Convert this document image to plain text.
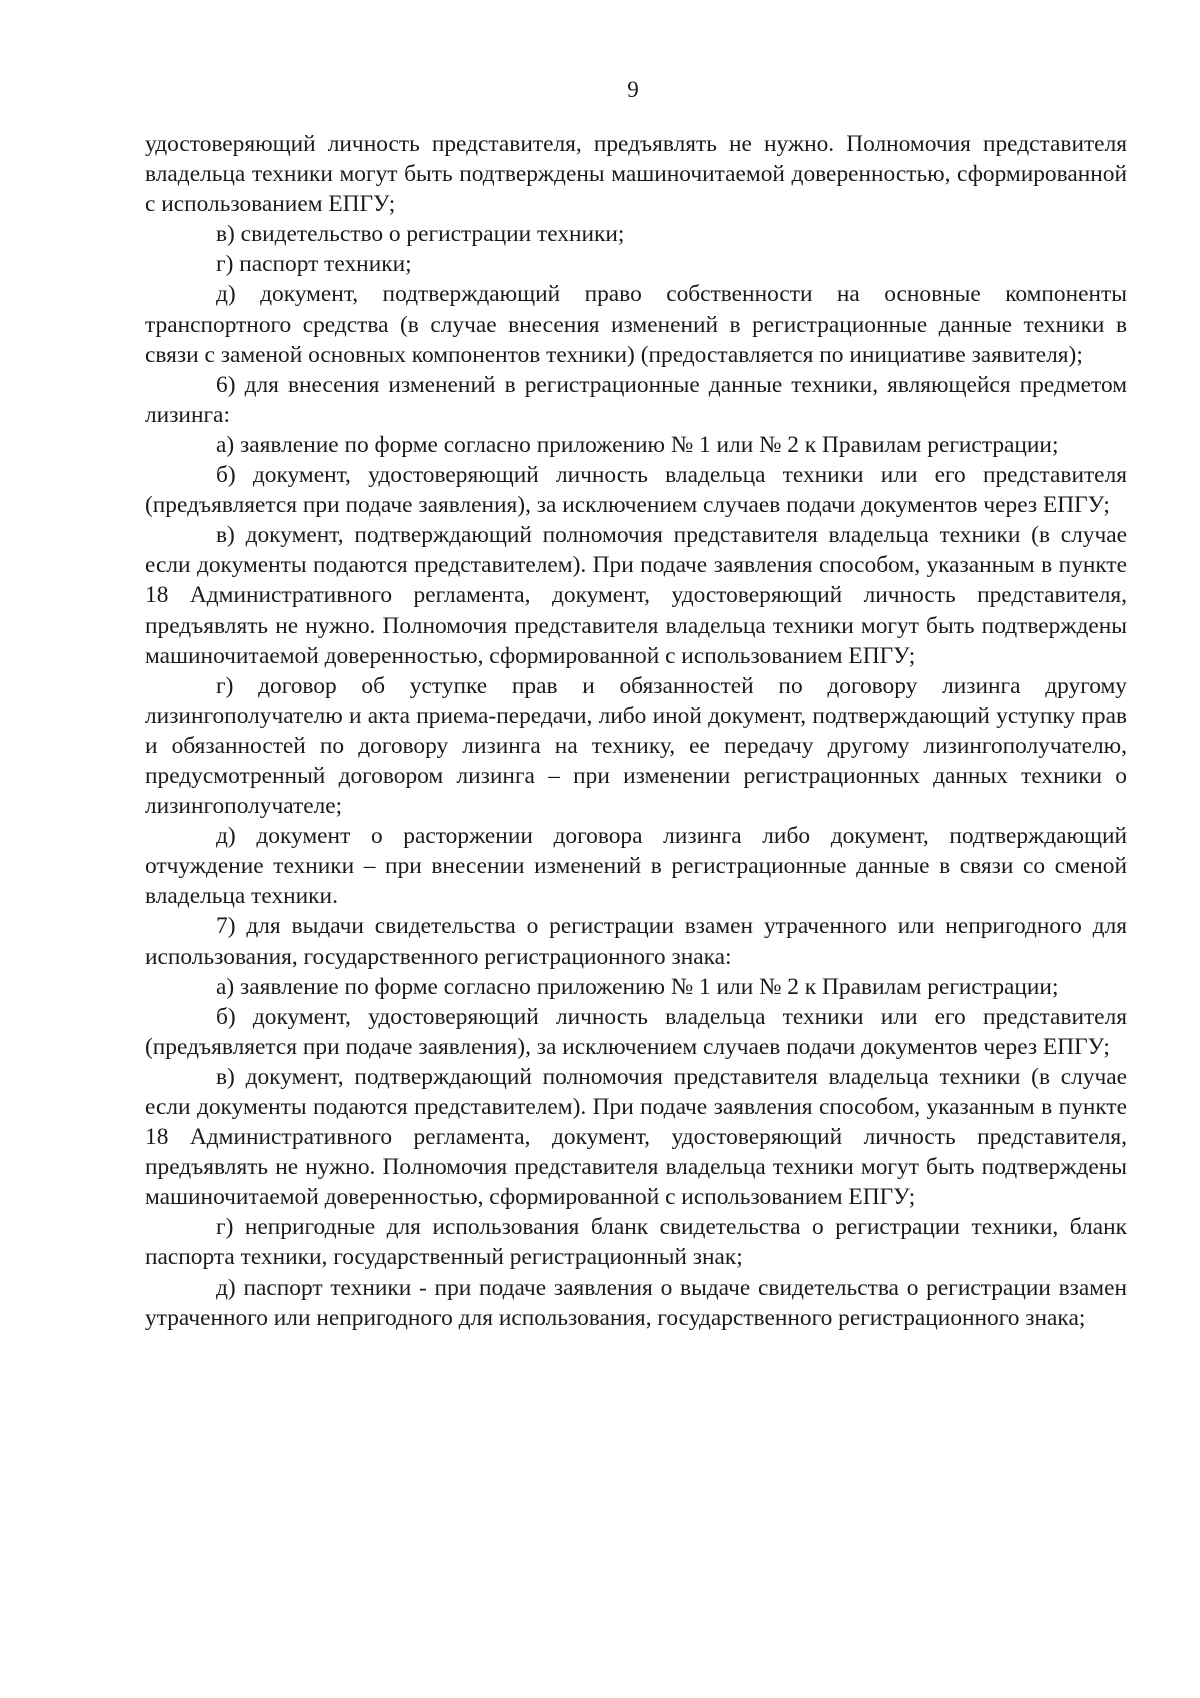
9

удостоверяющий личность представителя, предъявлять не нужно. Полномочия представителя владельца техники могут быть подтверждены машиночитаемой доверенностью, сформированной с использованием ЕПГУ;

в) свидетельство о регистрации техники;

г) паспорт техники;

д) документ, подтверждающий право собственности на основные компоненты транспортного средства (в случае внесения изменений в регистрационные данные техники в связи с заменой основных компонентов техники) (предоставляется по инициативе заявителя);

6) для внесения изменений в регистрационные данные техники, являющейся предметом лизинга:

а) заявление по форме согласно приложению № 1 или № 2 к Правилам регистрации;

б) документ, удостоверяющий личность владельца техники или его представителя (предъявляется при подаче заявления), за исключением случаев подачи документов через ЕПГУ;

в) документ, подтверждающий полномочия представителя владельца техники (в случае если документы подаются представителем). При подаче заявления способом, указанным в пункте 18 Административного регламента, документ, удостоверяющий личность представителя, предъявлять не нужно. Полномочия представителя владельца техники могут быть подтверждены машиночитаемой доверенностью, сформированной с использованием ЕПГУ;

г) договор об уступке прав и обязанностей по договору лизинга другому лизингополучателю и акта приема-передачи, либо иной документ, подтверждающий уступку прав и обязанностей по договору лизинга на технику, ее передачу другому лизингополучателю, предусмотренный договором лизинга – при изменении регистрационных данных техники о лизингополучателе;

д) документ о расторжении договора лизинга либо документ, подтверждающий отчуждение техники – при внесении изменений в регистрационные данные в связи со сменой владельца техники.

7) для выдачи свидетельства о регистрации взамен утраченного или непригодного для использования, государственного регистрационного знака:

а) заявление по форме согласно приложению № 1 или № 2 к Правилам регистрации;

б) документ, удостоверяющий личность владельца техники или его представителя (предъявляется при подаче заявления), за исключением случаев подачи документов через ЕПГУ;

в) документ, подтверждающий полномочия представителя владельца техники (в случае если документы подаются представителем). При подаче заявления способом, указанным в пункте 18 Административного регламента, документ, удостоверяющий личность представителя, предъявлять не нужно. Полномочия представителя владельца техники могут быть подтверждены машиночитаемой доверенностью, сформированной с использованием ЕПГУ;

г) непригодные для использования бланк свидетельства о регистрации техники, бланк паспорта техники, государственный регистрационный знак;

д) паспорт техники - при подаче заявления о выдаче свидетельства о регистрации взамен утраченного или непригодного для использования, государственного регистрационного знака;
